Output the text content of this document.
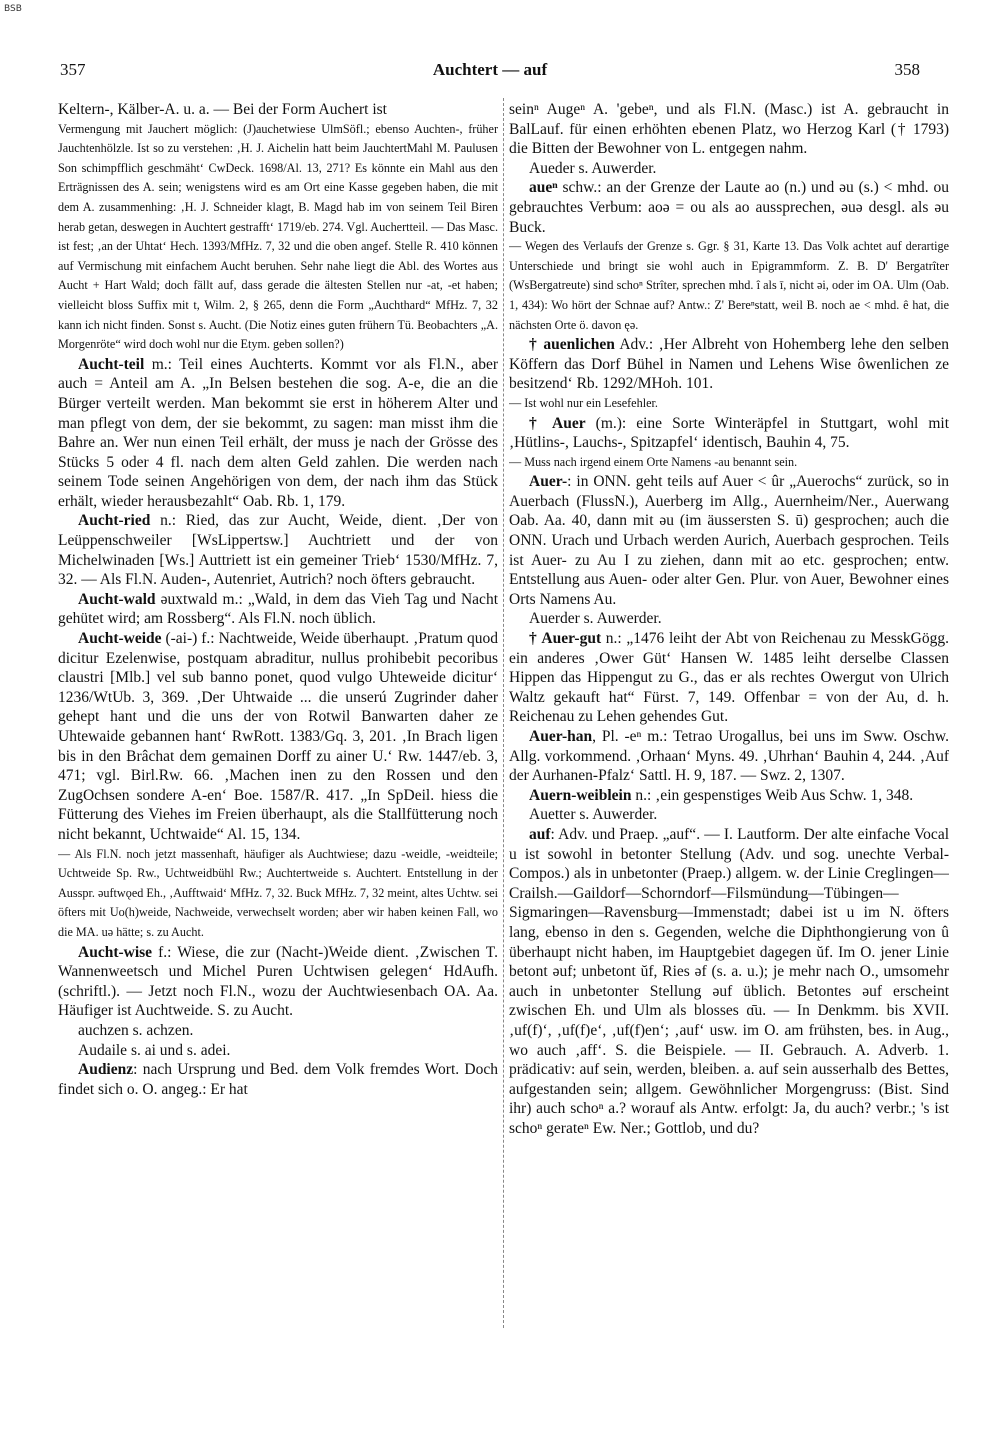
BSB
357	Auchtert — auf	358

Keltern-, Kälber-A. u. a. — Bei der Form Auchert ist

Vermengung mit Jauchert möglich: (J)auchetwiese UlmSöfl.; ebenso Auchten-, früher Jauchtenhölzle. Ist so zu verstehen: ‚H. J. Aichelin hatt beim JauchtertMahl M. Paulusen Son schimpfflich geschmäht‘ CwDeck. 1698/Al. 13, 271? Es könnte ein Mahl aus den Erträgnissen des A. sein; wenigstens wird es am Ort eine Kasse gegeben haben, die mit dem A. zusammenhing: ‚H. J. Schneider klagt, B. Magd hab im von seinem Teil Biren herab getan, deswegen in Auchtert gestrafft‘ 1719/eb. 274. Vgl. Auchertteil. — Das Masc. ist fest; ‚an der Uhtat‘ Hech. 1393/MfHz. 7, 32 und die oben angef. Stelle R. 410 können auf Vermischung mit einfachem Aucht beruhen. Sehr nahe liegt die Abl. des Wortes aus Aucht + Hart Wald; doch fällt auf, dass gerade die ältesten Stellen nur -at, -et haben; vielleicht bloss Suffix mit t, Wilm. 2, § 265, denn die Form „Auchthard“ MfHz. 7, 32 kann ich nicht finden. Sonst s. Aucht. (Die Notiz eines guten frühern Tü. Beobachters „A. Morgenröte“ wird doch wohl nur die Etym. geben sollen?)

Aucht-teil m.: Teil eines Auchterts. Kommt vor als Fl.N., aber auch = Anteil am A. „In Belsen bestehen die sog. A-e, die an die Bürger verteilt werden. Man bekommt sie erst in höherem Alter und man pflegt von dem, der sie bekommt, zu sagen: man misst ihm die Bahre an. Wer nun einen Teil erhält, der muss je nach der Grösse des Stücks 5 oder 4 fl. nach dem alten Geld zahlen. Die werden nach seinem Tode seinen Angehörigen von dem, der nach ihm das Stück erhält, wieder herausbezahlt“ Oab. Rb. 1, 179.

Aucht-ried n.: Ried, das zur Aucht, Weide, dient. ‚Der von Leüppenschweiler [WsLippertsw.] Auchtriett und der von Michelwinaden [Ws.] Auttriett ist ein gemeiner Trieb‘ 1530/MfHz. 7, 32. — Als Fl.N. Auden-, Autenriet, Autrich? noch öfters gebraucht.

Aucht-wald əuxtwald m.: „Wald, in dem das Vieh Tag und Nacht gehütet wird; am Rossberg“. Als Fl.N. noch üblich.

Aucht-weide (-ai-) f.: Nachtweide, Weide überhaupt. ‚Pratum quod dicitur Ezelenwise, postquam abraditur, nullus prohibebit pecoribus claustri [Mlb.] vel sub banno ponet, quod vulgo Uhteweide dicitur‘ 1236/WtUb. 3, 369. ‚Der Uhtwaide ... die unserú Zugrinder daher gehept hant und die uns der von Rotwil Banwarten daher ze Uhtewaide gebannen hant‘ RwRott. 1383/Gq. 3, 201. ‚In Brach ligen bis in den Brâchat dem gemainen Dorff zu ainer U.‘ Rw. 1447/eb. 3, 471; vgl. Birl.Rw. 66. ‚Machen inen zu den Rossen und den ZugOchsen sondere A-en‘ Boe. 1587/R. 417. „In SpDeil. hiess die Fütterung des Viehes im Freien überhaupt, als die Stallfütterung noch nicht bekannt, Uchtwaide“ Al. 15, 134.

— Als Fl.N. noch jetzt massenhaft, häufiger als Auchtwiese; dazu -weidle, -weidteile; Uchtweide Sp. Rw., Uchtweidbühl Rw.; Auchtertweide s. Auchtert. Entstellung in der Ausspr. əuftwǫed Eh., ‚Aufftwaid‘ MfHz. 7, 32. Buck MfHz. 7, 32 meint, altes Uchtw. sei öfters mit Uo(h)weide, Nachweide, verwechselt worden; aber wir haben keinen Fall, wo die MA. uə hätte; s. zu Aucht.

Aucht-wise f.: Wiese, die zur (Nacht-)Weide dient. ‚Zwischen T. Wannenweetsch und Michel Puren Uchtwisen gelegen‘ HdAufh. (schriftl.). — Jetzt noch Fl.N., wozu der Auchtwiesenbach OA. Aa. Häufiger ist Auchtweide. S. zu Aucht.

auchzen s. achzen.

Audaile s. ai und s. adei.

Audienz: nach Ursprung und Bed. dem Volk fremdes Wort. Doch findet sich o. O. angeg.: Er hat

seinⁿ Augeⁿ A. 'gebeⁿ, und als Fl.N. (Masc.) ist A. gebraucht in BalLauf. für einen erhöhten ebenen Platz, wo Herzog Karl († 1793) die Bitten der Bewohner von L. entgegen nahm.

Aueder s. Auwerder.

aueⁿ schw.: an der Grenze der Laute ao (n.) und əu (s.) < mhd. ou gebrauchtes Verbum: aoə = ou als ao aussprechen, əuə desgl. als əu Buck.

— Wegen des Verlaufs der Grenze s. Ggr. § 31, Karte 13. Das Volk achtet auf derartige Unterschiede und bringt sie wohl auch in Epigrammform. Z. B. D' Bergatrîter (WsBergatreute) sind schoⁿ Strîter, sprechen mhd. î als ī, nicht əi, oder im OA. Ulm (Oab. 1, 434): Wo hört der Schnae auf? Antw.: Z' Bereⁿstatt, weil B. noch ae < mhd. ê hat, die nächsten Orte ö. davon ęə.

† auenlichen Adv.: ‚Her Albreht von Hohemberg lehe den selben Köffern das Dorf Bühel in Namen und Lehens Wise ôwenlichen ze besitzend‘ Rb. 1292/MHoh. 101.

— Ist wohl nur ein Lesefehler.

† Auer (m.): eine Sorte Winteräpfel in Stuttgart, wohl mit ‚Hütlins-, Lauchs-, Spitzapfel‘ identisch, Bauhin 4, 75.

— Muss nach irgend einem Orte Namens -au benannt sein.

Auer-: in ONN. geht teils auf Auer < ûr „Auerochs“ zurück, so in Auerbach (FlussN.), Auerberg im Allg., Auernheim/Ner., Auerwang Oab. Aa. 40, dann mit əu (im äussersten S. ū) gesprochen; auch die ONN. Urach und Urbach werden Aurich, Auerbach gesprochen. Teils ist Auer- zu Au I zu ziehen, dann mit ao etc. gesprochen; entw. Entstellung aus Auen- oder alter Gen. Plur. von Auer, Bewohner eines Orts Namens Au.

Auerder s. Auwerder.

† Auer-gut n.: „1476 leiht der Abt von Reichenau zu MesskGögg. ein anderes ‚Ower Güt‘ Hansen W. 1485 leiht derselbe Classen Hippen das Hippengut zu G., das er als rechtes Owergut von Ulrich Waltz gekauft hat“ Fürst. 7, 149. Offenbar = von der Au, d. h. Reichenau zu Lehen gehendes Gut.

Auer-han, Pl. -eⁿ m.: Tetrao Urogallus, bei uns im Sww. Oschw. Allg. vorkommend. ‚Orhaan‘ Myns. 49. ‚Uhrhan‘ Bauhin 4, 244. ‚Auf der Aurhanen-Pfalz‘ Sattl. H. 9, 187. — Swz. 2, 1307.

Auern-weiblein n.: ‚ein gespenstiges Weib Aus Schw. 1, 348.

Auetter s. Auwerder.

auf: Adv. und Praep. „auf“. — I. Lautform. Der alte einfache Vocal u ist sowohl in betonter Stellung (Adv. und sog. unechte Verbal-Compos.) als in unbetonter (Praep.) allgem. w. der Linie Creglingen—Crailsh.—Gaildorf—Schorndorf—Filsmündung—Tübingen—Sigmaringen—Ravensburg—Immenstadt; dabei ist u im N. öfters lang, ebenso in den s. Gegenden, welche die Diphthongierung von û überhaupt nicht haben, im Hauptgebiet dagegen ŭf. Im O. jener Linie betont əuf; unbetont ŭf, Ries əf (s. a. u.); je mehr nach O., umsomehr auch in unbetonter Stellung əuf üblich. Betontes əuf erscheint zwischen Eh. und Ulm als blosses ɑ̄u. — In Denkmm. bis XVII. ‚uf(f)‘, ‚uf(f)e‘, ‚uf(f)en‘; ‚auf‘ usw. im O. am frühsten, bes. in Aug., wo auch ‚aff‘. S. die Beispiele. — II. Gebrauch. A. Adverb. 1. prädicativ: auf sein, werden, bleiben. a. auf sein ausserhalb des Bettes, aufgestanden sein; allgem. Gewöhnlicher Morgengruss: (Bist. Sind ihr) auch schoⁿ a.? worauf als Antw. erfolgt: Ja, du auch? verbr.; 's ist schoⁿ gerateⁿ Ew. Ner.; Gottlob, und du?
